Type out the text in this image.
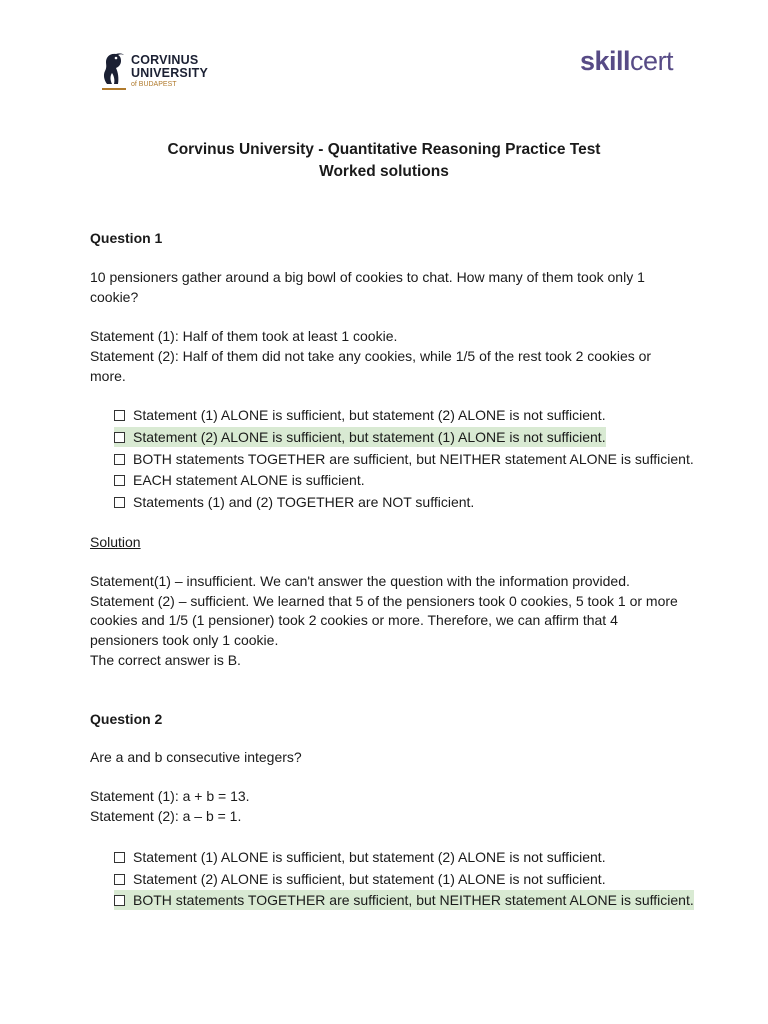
CORVINUS
UNIVERSITY
of BUDAPEST
skillcert
Corvinus University - Quantitative Reasoning Practice Test
Worked solutions
Question 1
10 pensioners gather around a big bowl of cookies to chat. How many of them took only 1
cookie?
Statement (1): Half of them took at least 1 cookie.
Statement (2): Half of them did not take any cookies, while 1/5 of the rest took 2 cookies or
more.
Statement (1) ALONE is sufficient, but statement (2) ALONE is not sufficient.
Statement (2) ALONE is sufficient, but statement (1) ALONE is not sufficient.
BOTH statements TOGETHER are sufficient, but NEITHER statement ALONE is sufficient.
EACH statement ALONE is sufficient.
Statements (1) and (2) TOGETHER are NOT sufficient.
Solution
Statement(1) – insufficient. We can't answer the question with the information provided.
Statement (2) – sufficient. We learned that 5 of the pensioners took 0 cookies, 5 took 1 or more
cookies and 1/5 (1 pensioner) took 2 cookies or more. Therefore, we can affirm that 4
pensioners took only 1 cookie.
The correct answer is B.
Question 2
Are a and b consecutive integers?
Statement (1): a + b = 13.
Statement (2): a – b = 1.
Statement (1) ALONE is sufficient, but statement (2) ALONE is not sufficient.
Statement (2) ALONE is sufficient, but statement (1) ALONE is not sufficient.
BOTH statements TOGETHER are sufficient, but NEITHER statement ALONE is sufficient.
